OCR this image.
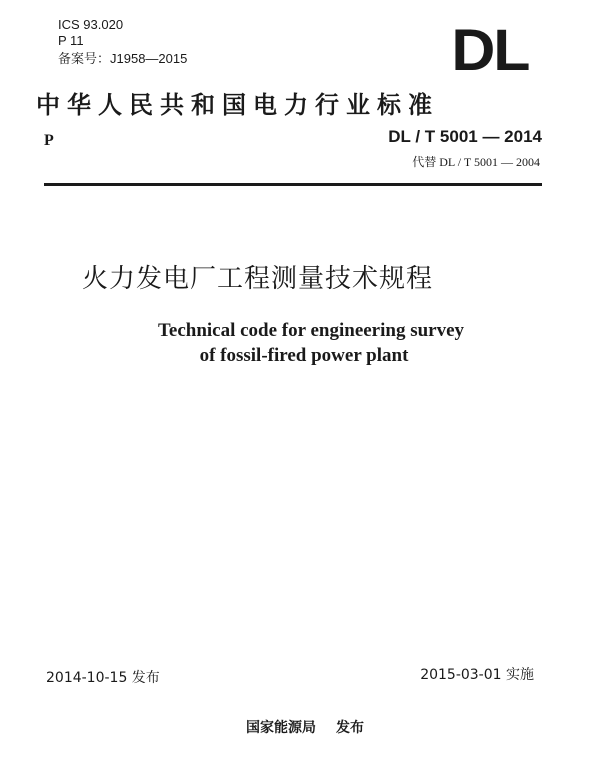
ICS 93.020
P 11
备案号：J1958—2015	DL
中华人民共和国电力行业标准
P	DL / T 5001 — 2014
代替 DL / T 5001 — 2004
火力发电厂工程测量技术规程
Technical code for engineering survey
of fossil-fired power plant
2014-10-15 发布	2015-03-01 实施
国家能源局 发布
